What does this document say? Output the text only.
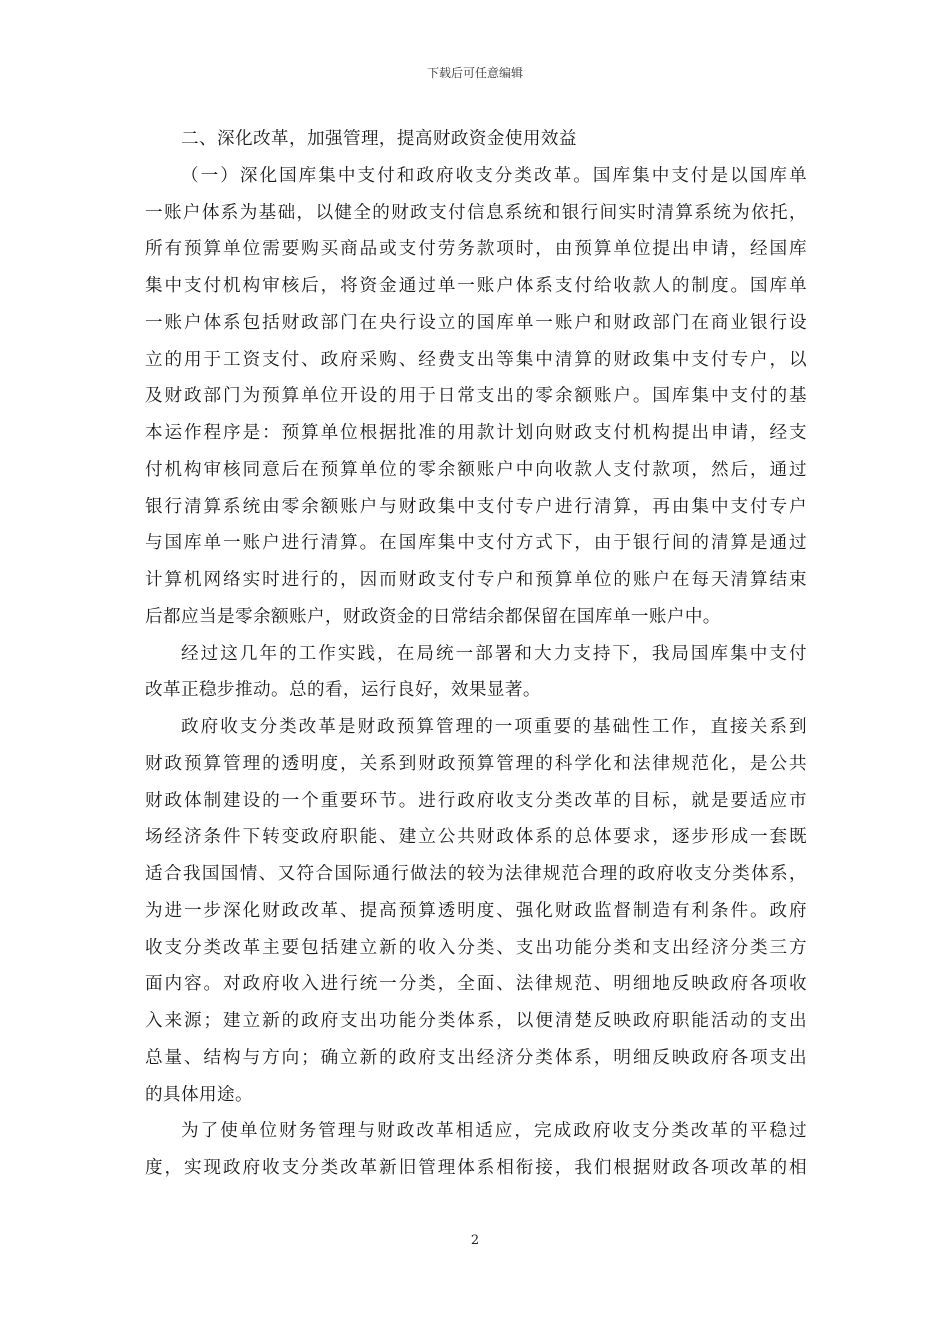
下载后可任意编辑
二、深化改革，加强管理，提高财政资金使用效益
（一）深化国库集中支付和政府收支分类改革。国库集中支付是以国库单
一账户体系为基础，以健全的财政支付信息系统和银行间实时清算系统为依托，
所有预算单位需要购买商品或支付劳务款项时，由预算单位提出申请，经国库
集中支付机构审核后，将资金通过单一账户体系支付给收款人的制度。国库单
一账户体系包括财政部门在央行设立的国库单一账户和财政部门在商业银行设
立的用于工资支付、政府采购、经费支出等集中清算的财政集中支付专户，以
及财政部门为预算单位开设的用于日常支出的零余额账户。国库集中支付的基
本运作程序是：预算单位根据批准的用款计划向财政支付机构提出申请，经支
付机构审核同意后在预算单位的零余额账户中向收款人支付款项，然后，通过
银行清算系统由零余额账户与财政集中支付专户进行清算，再由集中支付专户
与国库单一账户进行清算。在国库集中支付方式下，由于银行间的清算是通过
计算机网络实时进行的，因而财政支付专户和预算单位的账户在每天清算结束
后都应当是零余额账户，财政资金的日常结余都保留在国库单一账户中。
经过这几年的工作实践，在局统一部署和大力支持下，我局国库集中支付
改革正稳步推动。总的看，运行良好，效果显著。
政府收支分类改革是财政预算管理的一项重要的基础性工作，直接关系到
财政预算管理的透明度，关系到财政预算管理的科学化和法律规范化，是公共
财政体制建设的一个重要环节。进行政府收支分类改革的目标，就是要适应市
场经济条件下转变政府职能、建立公共财政体系的总体要求，逐步形成一套既
适合我国国情、又符合国际通行做法的较为法律规范合理的政府收支分类体系，
为进一步深化财政改革、提高预算透明度、强化财政监督制造有利条件。政府
收支分类改革主要包括建立新的收入分类、支出功能分类和支出经济分类三方
面内容。对政府收入进行统一分类，全面、法律规范、明细地反映政府各项收
入来源；建立新的政府支出功能分类体系，以便清楚反映政府职能活动的支出
总量、结构与方向；确立新的政府支出经济分类体系，明细反映政府各项支出
的具体用途。
为了使单位财务管理与财政改革相适应，完成政府收支分类改革的平稳过
度，实现政府收支分类改革新旧管理体系相衔接，我们根据财政各项改革的相
2
